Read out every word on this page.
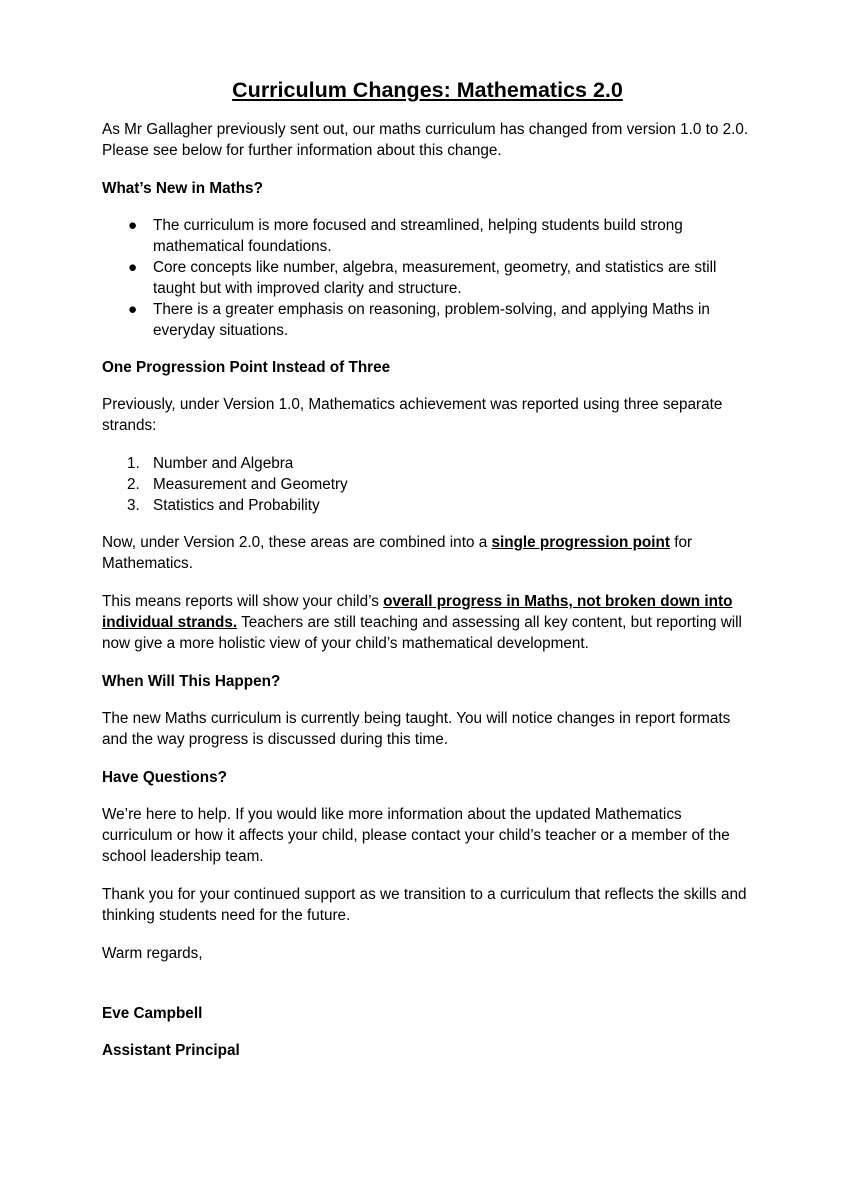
Curriculum Changes: Mathematics 2.0

As Mr Gallagher previously sent out, our maths curriculum has changed from version 1.0 to 2.0. Please see below for further information about this change.

What’s New in Maths?
● The curriculum is more focused and streamlined, helping students build strong mathematical foundations.
● Core concepts like number, algebra, measurement, geometry, and statistics are still taught but with improved clarity and structure.
● There is a greater emphasis on reasoning, problem-solving, and applying Maths in everyday situations.
One Progression Point Instead of Three

Previously, under Version 1.0, Mathematics achievement was reported using three separate strands:

1. Number and Algebra
2. Measurement and Geometry
3. Statistics and Probability

Now, under Version 2.0, these areas are combined into a single progression point for Mathematics.

This means reports will show your child’s overall progress in Maths, not broken down into individual strands. Teachers are still teaching and assessing all key content, but reporting will now give a more holistic view of your child’s mathematical development.

When Will This Happen?

The new Maths curriculum is currently being taught. You will notice changes in report formats and the way progress is discussed during this time.

Have Questions?

We’re here to help. If you would like more information about the updated Mathematics curriculum or how it affects your child, please contact your child’s teacher or a member of the school leadership team.

Thank you for your continued support as we transition to a curriculum that reflects the skills and thinking students need for the future.

Warm regards,

Eve Campbell
Assistant Principal
